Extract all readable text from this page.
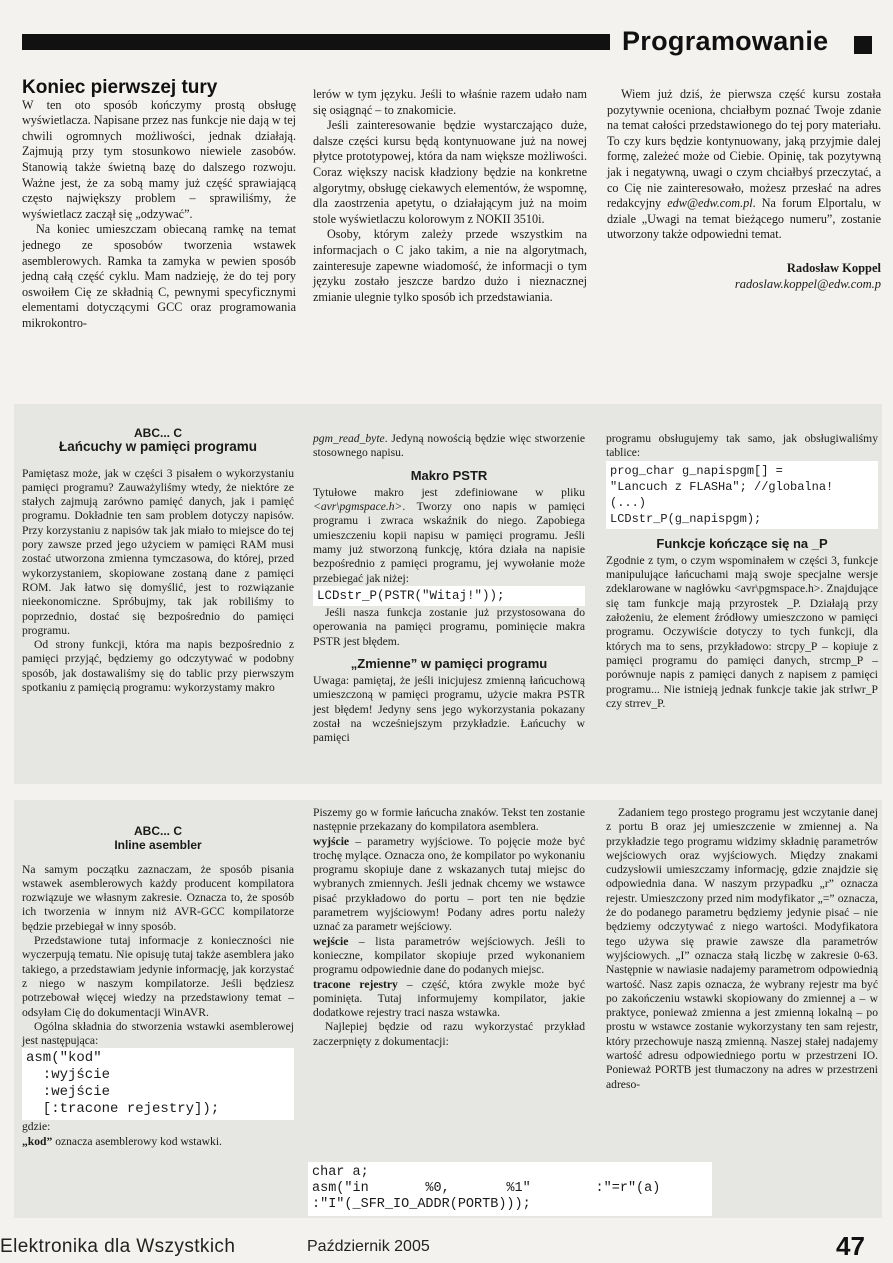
Programowanie
Koniec pierwszej tury

W ten oto sposób kończymy prostą obsługę wyświetlacza. Napisane przez nas funkcje nie dają w tej chwili ogromnych możliwości, jednak działają. Zajmują przy tym stosunkowo niewiele zasobów. Stanowią także świetną bazę do dalszego rozwoju. Ważne jest, że za sobą mamy już część sprawiającą często największy problem – sprawiliśmy, że wyświetlacz zaczął się „odzywać”.

Na koniec umieszczam obiecaną ramkę na temat jednego ze sposobów tworzenia wstawek asemblerowych. Ramka ta zamyka w pewien sposób jedną całą część cyklu. Mam nadzieję, że do tej pory oswoiłem Cię ze składnią C, pewnymi specyficznymi elementami dotyczącymi GCC oraz programowania mikrokontro-

lerów w tym języku. Jeśli to właśnie razem udało nam się osiągnąć – to znakomicie.

Jeśli zainteresowanie będzie wystarczająco duże, dalsze części kursu będą kontynuowane już na nowej płytce prototypowej, która da nam większe możliwości. Coraz większy nacisk kładziony będzie na konkretne algorytmy, obsługę ciekawych elementów, że wspomnę, dla zaostrzenia apetytu, o działającym już na moim stole wyświetlaczu kolorowym z NOKII 3510i.

Osoby, którym zależy przede wszystkim na informacjach o C jako takim, a nie na algorytmach, zainteresuje zapewne wiadomość, że informacji o tym języku zostało jeszcze bardzo dużo i nieznacznej zmianie ulegnie tylko sposób ich przedstawiania.

Wiem już dziś, że pierwsza część kursu została pozytywnie oceniona, chciałbym poznać Twoje zdanie na temat całości przedstawionego do tej pory materiału. To czy kurs będzie kontynuowany, jaką przyjmie dalej formę, zależeć może od Ciebie. Opinię, tak pozytywną jak i negatywną, uwagi o czym chciałbyś przeczytać, a co Cię nie zainteresowało, możesz przesłać na adres redakcyjny edw@edw.com.pl. Na forum Elportalu, w dziale „Uwagi na temat bieżącego numeru”, zostanie utworzony także odpowiedni temat.

Radosław Koppel
radoslaw.koppel@edw.com.p
ABC... C
Łańcuchy w pamięci programu

Pamiętasz może, jak w części 3 pisałem o wykorzystaniu pamięci programu? Zauważyliśmy wtedy, że niektóre ze stałych zajmują zarówno pamięć danych, jak i pamięć programu. Dokładnie ten sam problem dotyczy napisów. Przy korzystaniu z napisów tak jak miało to miejsce do tej pory zawsze przed jego użyciem w pamięci RAM musi zostać utworzona zmienna tymczasowa, do której, przed wykorzystaniem, skopiowane zostaną dane z pamięci ROM. Jak łatwo się domyślić, jest to rozwiązanie nieekonomiczne. Spróbujmy, tak jak robiliśmy to poprzednio, dostać się bezpośrednio do pamięci programu.

Od strony funkcji, która ma napis bezpośrednio z pamięci przyjąć, będziemy go odczytywać w podobny sposób, jak dostawaliśmy się do tablic przy pierwszym spotkaniu z pamięcią programu: wykorzystamy makro

pgm_read_byte. Jedyną nowością będzie więc stworzenie stosownego napisu.

Makro PSTR

Tytułowe makro jest zdefiniowane w pliku <avr\pgmspace.h>. Tworzy ono napis w pamięci programu i zwraca wskaźnik do niego. Zapobiega umieszczeniu kopii napisu w pamięci programu. Jeśli mamy już stworzoną funkcję, która działa na napisie bezpośrednio z pamięci programu, jej wywołanie może przebiegać jak niżej:

LCDstr_P(PSTR("Witaj!"));

Jeśli nasza funkcja zostanie już przystosowana do operowania na pamięci programu, pominięcie makra PSTR jest błędem.

„Zmienne” w pamięci programu

Uwaga: pamiętaj, że jeśli inicjujesz zmienną łańcuchową umieszczoną w pamięci programu, użycie makra PSTR jest błędem! Jedyny sens jego wykorzystania pokazany został na wcześniejszym przykładzie. Łańcuchy w pamięci

programu obsługujemy tak samo, jak obsługiwaliśmy tablice:

prog_char g_napispgm[] =
"Lancuch z FLASHa"; //globalna!
(...)
LCDstr_P(g_napispgm);
Funkcje kończące się na _P

Zgodnie z tym, o czym wspominałem w części 3, funkcje manipulujące łańcuchami mają swoje specjalne wersje zdeklarowane w nagłówku <avr\pgmspace.h>. Znajdujące się tam funkcje mają przyrostek _P. Działają przy założeniu, że element źródłowy umieszczono w pamięci programu. Oczywiście dotyczy to tych funkcji, dla których ma to sens, przykładowo: strcpy_P – kopiuje z pamięci programu do pamięci danych, strcmp_P – porównuje napis z pamięci danych z napisem z pamięci programu... Nie istnieją jednak funkcje takie jak strlwr_P czy strrev_P.

ABC... C
Inline asembler

Na samym początku zaznaczam, że sposób pisania wstawek asemblerowych każdy producent kompilatora rozwiązuje we własnym zakresie. Oznacza to, że sposób ich tworzenia w innym niż AVR-GCC kompilatorze będzie przebiegał w inny sposób.

Przedstawione tutaj informacje z konieczności nie wyczerpują tematu. Nie opisuję tutaj także asemblera jako takiego, a przedstawiam jedynie informację, jak korzystać z niego w naszym kompilatorze. Jeśli będziesz potrzebował więcej wiedzy na przedstawiony temat – odsyłam Cię do dokumentacji WinAVR.

Ogólna składnia do stworzenia wstawki asemblerowej jest następująca:

asm("kod"
:wyjście
:wejście
[:tracone rejestry]);

gdzie:

„kod” oznacza asemblerowy kod wstawki.

Piszemy go w formie łańcucha znaków. Tekst ten zostanie następnie przekazany do kompilatora asemblera.

wyjście – parametry wyjściowe. To pojęcie może być trochę mylące. Oznacza ono, że kompilator po wykonaniu programu skopiuje dane z wskazanych tutaj miejsc do wybranych zmiennych. Jeśli jednak chcemy we wstawce pisać przykładowo do portu – port ten nie będzie parametrem wyjściowym! Podany adres portu należy uznać za parametr wejściowy.

wejście – lista parametrów wejściowych. Jeśli to konieczne, kompilator skopiuje przed wykonaniem programu odpowiednie dane do podanych miejsc.

tracone rejestry – część, która zwykle może być pominięta. Tutaj informujemy kompilator, jakie dodatkowe rejestry traci nasza wstawka.

Najlepiej będzie od razu wykorzystać przykład zaczerpnięty z dokumentacji:

char a;
asm("in       %0,       %1"        :"=r"(a)
:"I"(_SFR_IO_ADDR(PORTB)));

Zadaniem tego prostego programu jest wczytanie danej z portu B oraz jej umieszczenie w zmiennej a. Na przykładzie tego programu widzimy składnię parametrów wejściowych oraz wyjściowych. Między znakami cudzysłowii umieszczamy informację, gdzie znajdzie się odpowiednia dana. W naszym przypadku „r” oznacza rejestr. Umieszczony przed nim modyfikator „=” oznacza, że do podanego parametru będziemy jedynie pisać – nie będziemy odczytywać z niego wartości. Modyfikatora tego używa się prawie zawsze dla parametrów wyjściowych. „I” oznacza stałą liczbę w zakresie 0-63. Następnie w nawiasie nadajemy parametrom odpowiednią wartość. Nasz zapis oznacza, że wybrany rejestr ma być po zakończeniu wstawki skopiowany do zmiennej a – w praktyce, ponieważ zmienna a jest zmienną lokalną – po prostu w wstawce zostanie wykorzystany ten sam rejestr, który przechowuje naszą zmienną. Naszej stałej nadajemy wartość adresu odpowiedniego portu w przestrzeni IO. Ponieważ PORTB jest tłumaczony na adres w przestrzeni adreso-

Elektronika dla Wszystkich	Październik 2005	47
